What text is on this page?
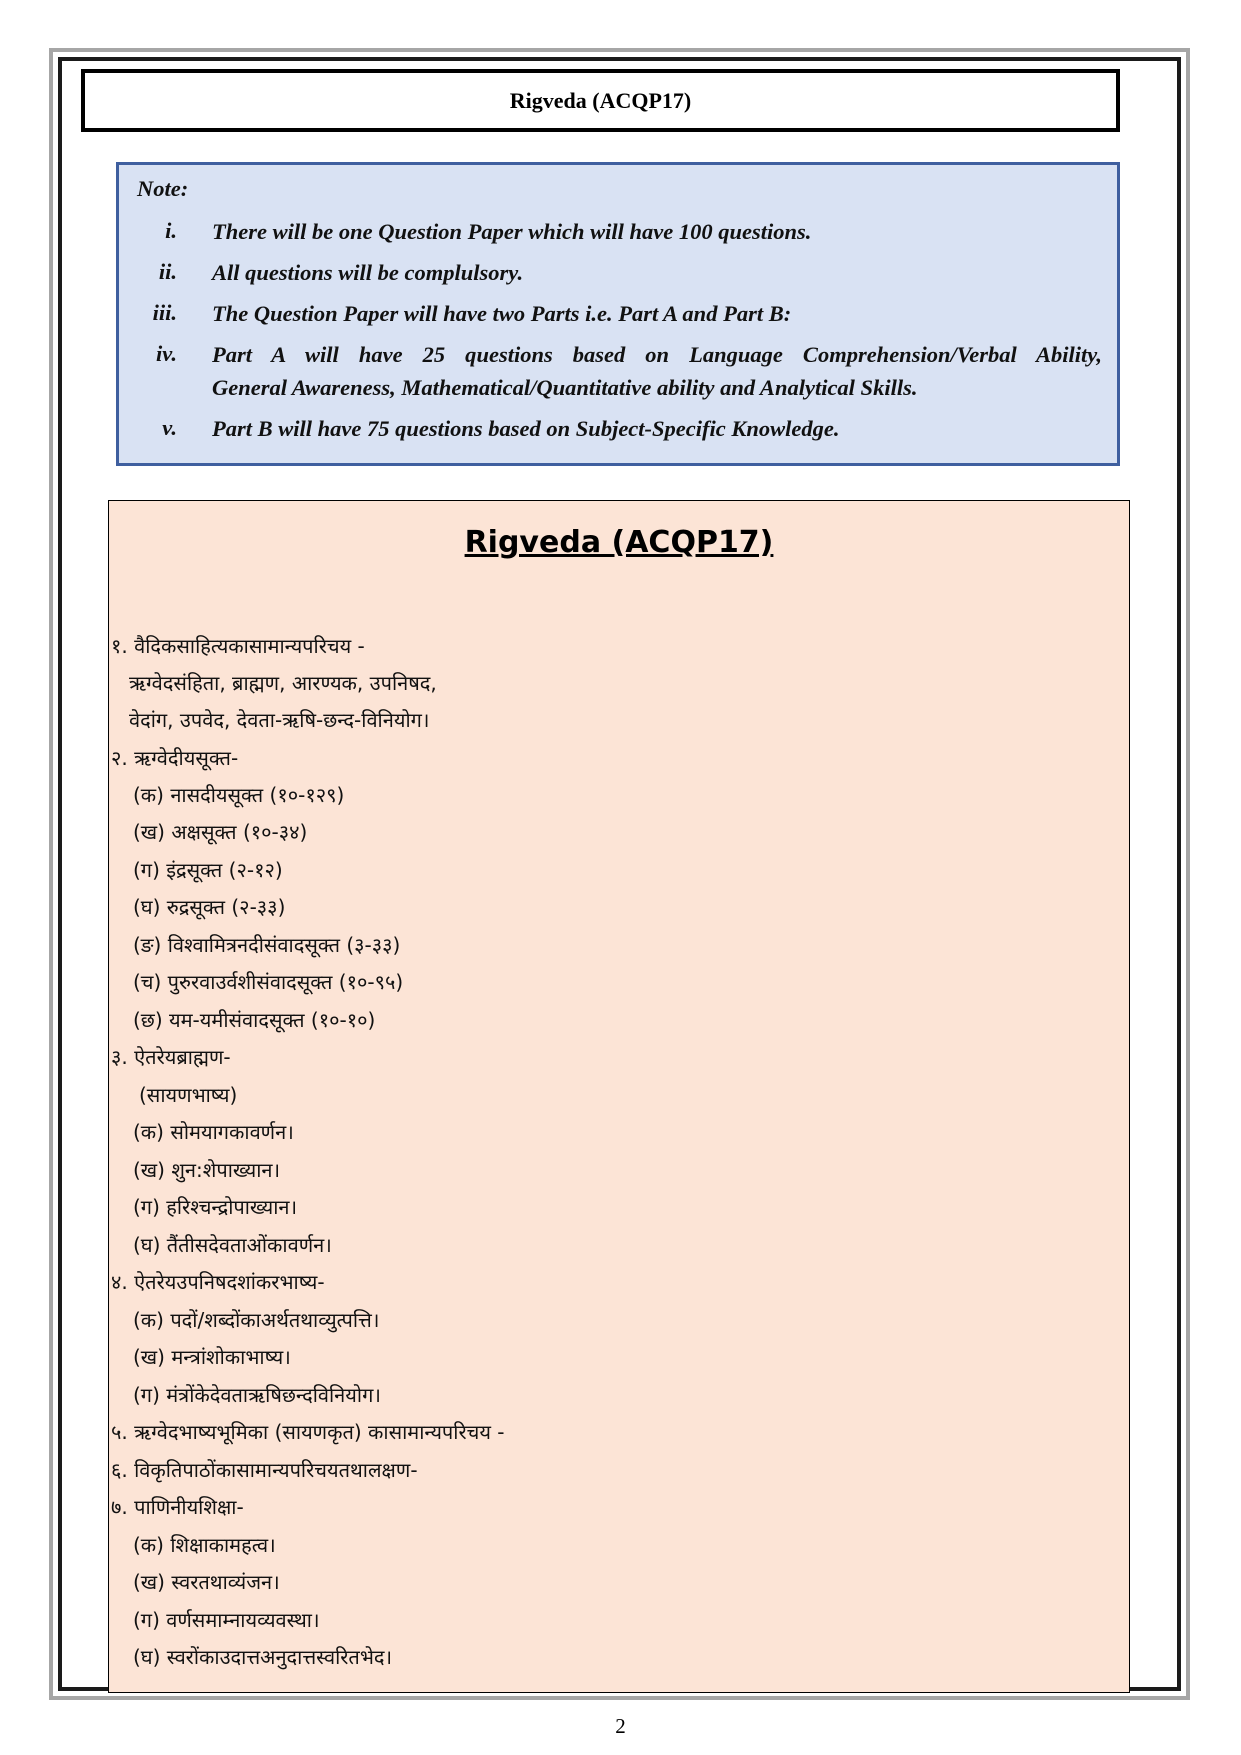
Rigveda (ACQP17)
Note:
i. There will be one Question Paper which will have 100 questions.
ii. All questions will be complulsory.
iii. The Question Paper will have two Parts i.e. Part A and Part B:
iv. Part A will have 25 questions based on Language Comprehension/Verbal Ability,
General Awareness, Mathematical/Quantitative ability and Analytical Skills.
v. Part B will have 75 questions based on Subject-Specific Knowledge.
Rigveda (ACQP17)
१. वैदिकसाहित्यकासामान्यपरिचय -
ऋग्वेदसंहिता, ब्राह्मण, आरण्यक, उपनिषद,
वेदांग, उपवेद, देवता-ऋषि-छन्द-विनियोग।
२. ऋग्वेदीयसूक्त-
(क) नासदीयसूक्त (१०-१२९)
(ख) अक्षसूक्त (१०-३४)
(ग) इंद्रसूक्त (२-१२)
(घ) रुद्रसूक्त (२-३३)
(ङ) विश्वामित्रनदीसंवादसूक्त (३-३३)
(च) पुरुरवाउर्वशीसंवादसूक्त (१०-९५)
(छ) यम-यमीसंवादसूक्त (१०-१०)
३. ऐतरेयब्राह्मण-
(सायणभाष्य)
(क) सोमयागकावर्णन।
(ख) शुन:शेपाख्यान।
(ग) हरिश्चन्द्रोपाख्यान।
(घ) तैंतीसदेवताओंकावर्णन।
४. ऐतरेयउपनिषदशांकरभाष्य-
(क) पदों/शब्दोंकाअर्थतथाव्युत्पत्ति।
(ख) मन्त्रांशोकाभाष्य।
(ग) मंत्रोंकेदेवताऋषिछन्दविनियोग।
५. ऋग्वेदभाष्यभूमिका (सायणकृत) कासामान्यपरिचय -
६. विकृतिपाठोंकासामान्यपरिचयतथालक्षण-
७. पाणिनीयशिक्षा-
(क) शिक्षाकामहत्व।
(ख) स्वरतथाव्यंजन।
(ग) वर्णसमाम्नायव्यवस्था।
(घ) स्वरोंकाउदात्तअनुदात्तस्वरितभेद।
2
